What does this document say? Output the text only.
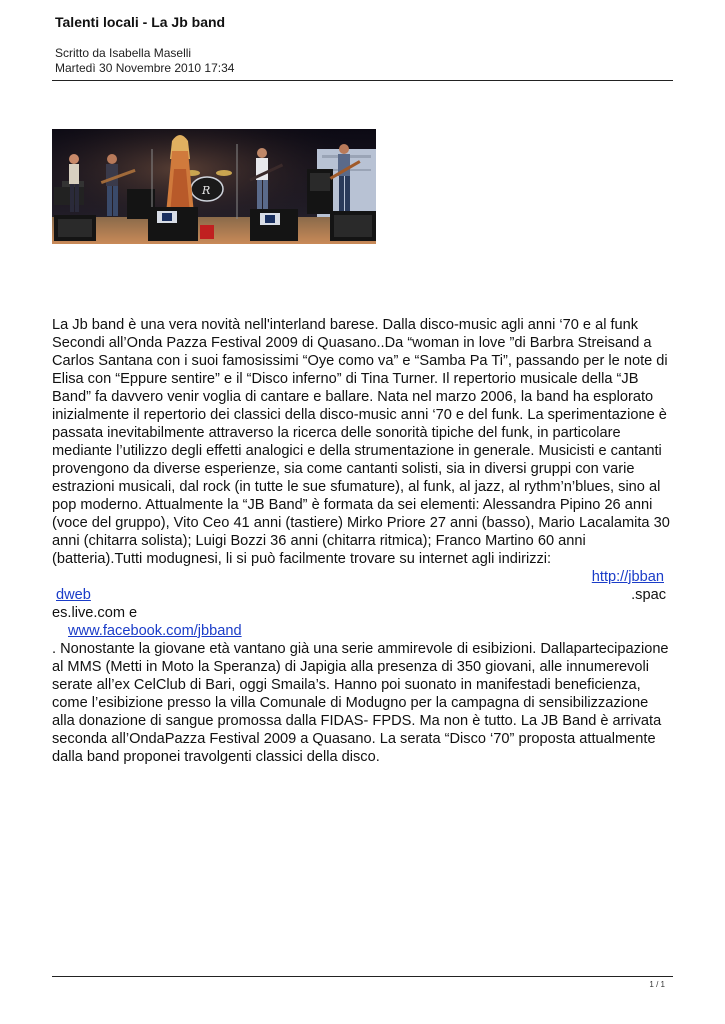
Talenti locali - La Jb band
Scritto da Isabella Maselli
Martedì 30 Novembre 2010 17:34
R

La Jb band è una vera novità nell'interland barese. Dalla disco-music agli anni ‘70 e al funk Secondi all’Onda Pazza Festival 2009 di Quasano..Da “woman in love ”di Barbra Streisand a Carlos Santana con i suoi famosissimi “Oye como va” e “Samba Pa Ti”, passando per le note di Elisa con “Eppure sentire” e il “Disco inferno” di Tina Turner. Il repertorio musicale della “JB Band” fa davvero venir voglia di cantare e ballare. Nata nel marzo 2006, la band ha esplorato inizialmente il repertorio dei classici della disco-music anni ‘70 e del funk. La sperimentazione è passata inevitabilmente attraverso la ricerca delle sonorità tipiche del funk, in particolare mediante l’utilizzo degli effetti analogici e della strumentazione in generale. Musicisti e cantanti provengono da diverse esperienze, sia come cantanti solisti, sia in diversi gruppi con varie estrazioni musicali, dal rock (in tutte le sue sfumature), al funk, al jazz, al rythm’n’blues, sino al pop moderno. Attualmente la “JB Band” è formata da sei elementi: Alessandra Pipino 26 anni (voce del gruppo), Vito Ceo 41 anni (tastiere) Mirko Priore 27 anni (basso), Mario Lacalamita 30 anni (chitarra solista); Luigi Bozzi 36 anni (chitarra ritmica); Franco Martino 60 anni (batteria).Tutti modugnesi, li si può facilmente trovare su internet agli indirizzi:

http://jbban
dweb	.spac
es.live.com e
www.facebook.com/jbband

. Nonostante la giovane età vantano già una serie ammirevole di esibizioni. Dallapartecipazione al MMS (Metti in Moto la Speranza) di Japigia alla presenza di 350 giovani, alle innumerevoli serate all’ex CelClub di Bari, oggi Smaila’s. Hanno poi suonato in manifestadi beneficienza, come l’esibizione presso la villa Comunale di Modugno per la campagna di sensibilizzazione alla donazione di sangue promossa dalla FIDAS- FPDS. Ma non è tutto. La JB Band è arrivata seconda all’OndaPazza Festival 2009 a Quasano. La serata “Disco ‘70” proposta attualmente dalla band proponei travolgenti classici della disco.

1 / 1
